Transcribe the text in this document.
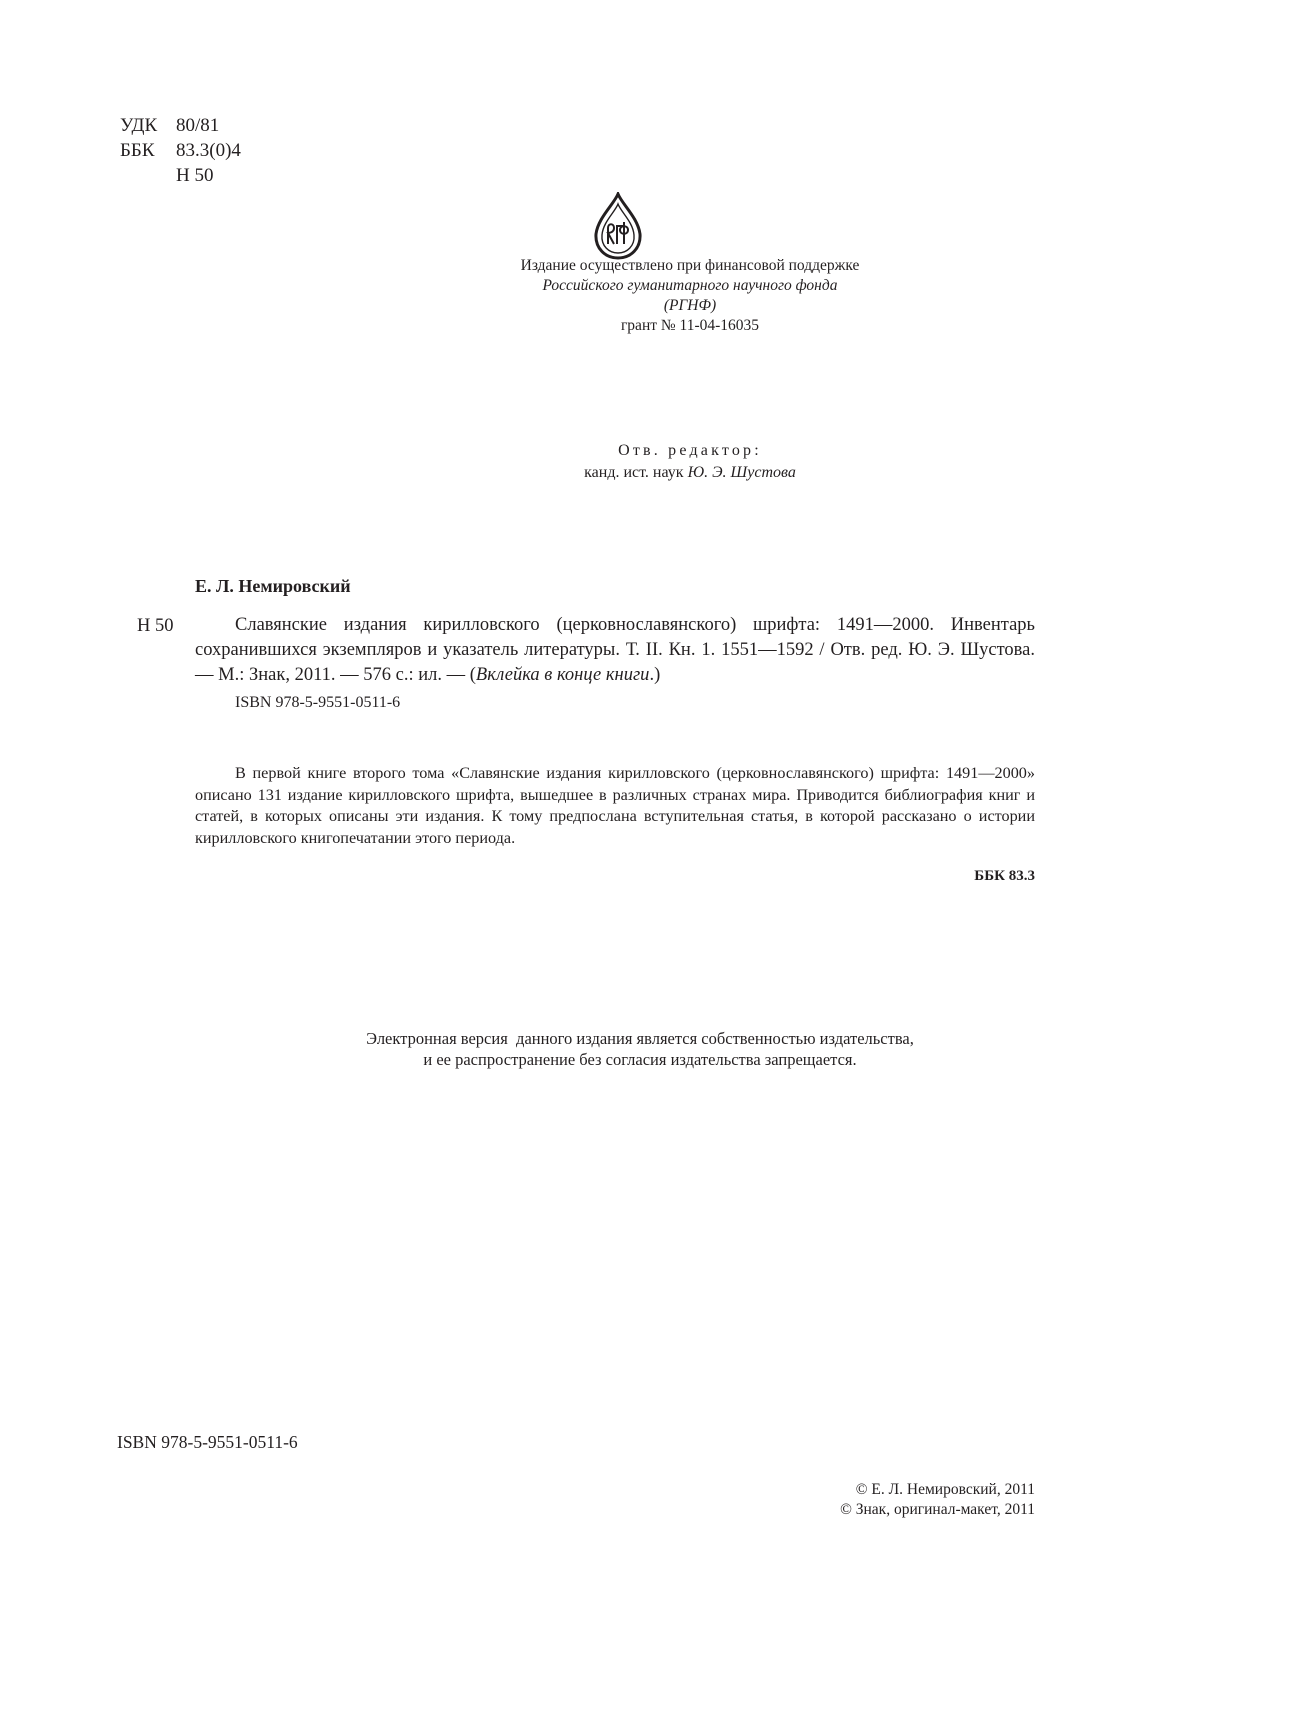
УДК 80/81
ББК 83.3(0)4
Н 50
Издание осуществлено при финансовой поддержке
Российского гуманитарного научного фонда
(РГНФ)
грант № 11-04-16035
Отв. редактор:
канд. ист. наук Ю. Э. Шустова
Е. Л. Немировский
Н 50	Славянские издания кирилловского (церковнославянского) шрифта: 1491—2000. Инвентарь сохранившихся экземпляров и указатель литературы. Т. II. Кн. 1. 1551—1592 / Отв. ред. Ю. Э. Шустова. — М.: Знак, 2011. — 576 с.: ил. — (Вклейка в конце книги.)
ISBN 978-5-9551-0511-6
В первой книге второго тома «Славянские издания кирилловского (церковнославянского) шрифта: 1491—2000» описано 131 издание кирилловского шрифта, вышедшее в различных странах мира. Приводится библиография книг и статей, в которых описаны эти издания. К тому предпослана вступительная статья, в которой рассказано о истории кирилловского книгопечатании этого периода.
ББК 83.3
Электронная версия  данного издания является собственностью издательства,
и ее распространение без согласия издательства запрещается.
ISBN 978-5-9551-0511-6
© Е. Л. Немировский, 2011
© Знак, оригинал-макет, 2011
